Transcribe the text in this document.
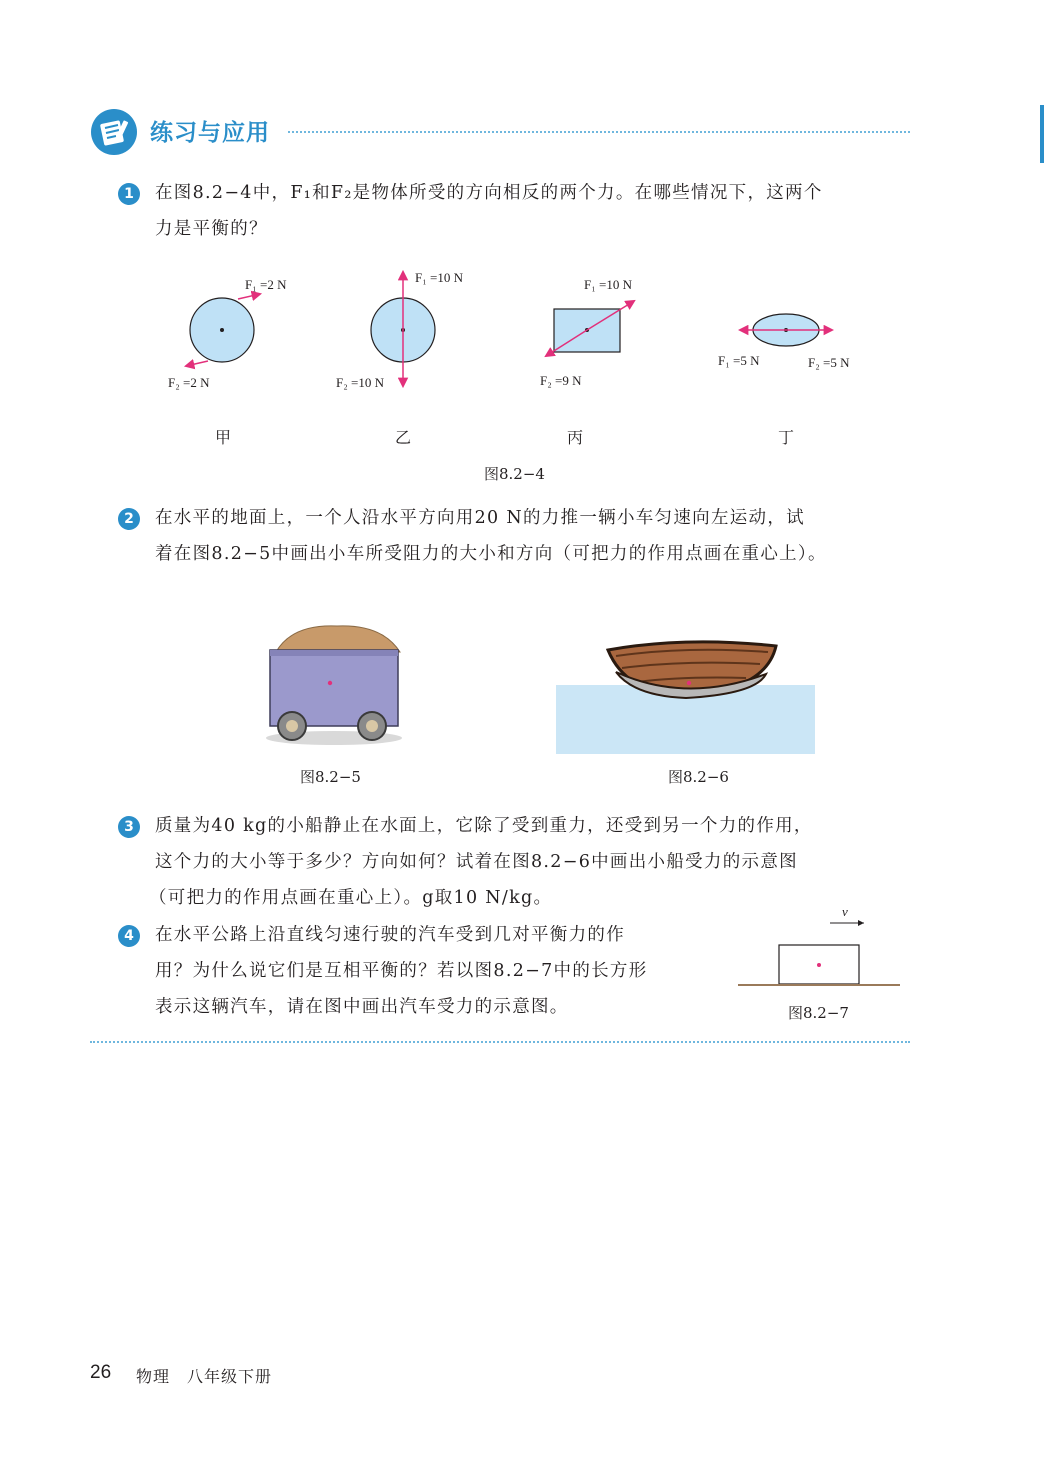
练习与应用
1	在图8.2−4中，F₁和F₂是物体所受的方向相反的两个力。在哪些情况下，这两个
力是平衡的？
F₁ =2 N
F₂ =2 N
F₁ =10 N
F₂ =10 N
F₁ =10 N
F₂ =9 N
F₁ =5 N	F₂ =5 N
甲	乙	丙	丁
图8.2−4
2	在水平的地面上，一个人沿水平方向用20 N的力推一辆小车匀速向左运动，试
着在图8.2−5中画出小车所受阻力的大小和方向（可把力的作用点画在重心上）。
图8.2−5	图8.2−6
3	质量为40 kg的小船静止在水面上，它除了受到重力，还受到另一个力的作用，
这个力的大小等于多少？方向如何？试着在图8.2−6中画出小船受力的示意图
（可把力的作用点画在重心上）。g取10 N/kg。
4	在水平公路上沿直线匀速行驶的汽车受到几对平衡力的作
用？为什么说它们是互相平衡的？若以图8.2−7中的长方形
表示这辆汽车，请在图中画出汽车受力的示意图。
v
图8.2−7
26 物理　八年级下册
